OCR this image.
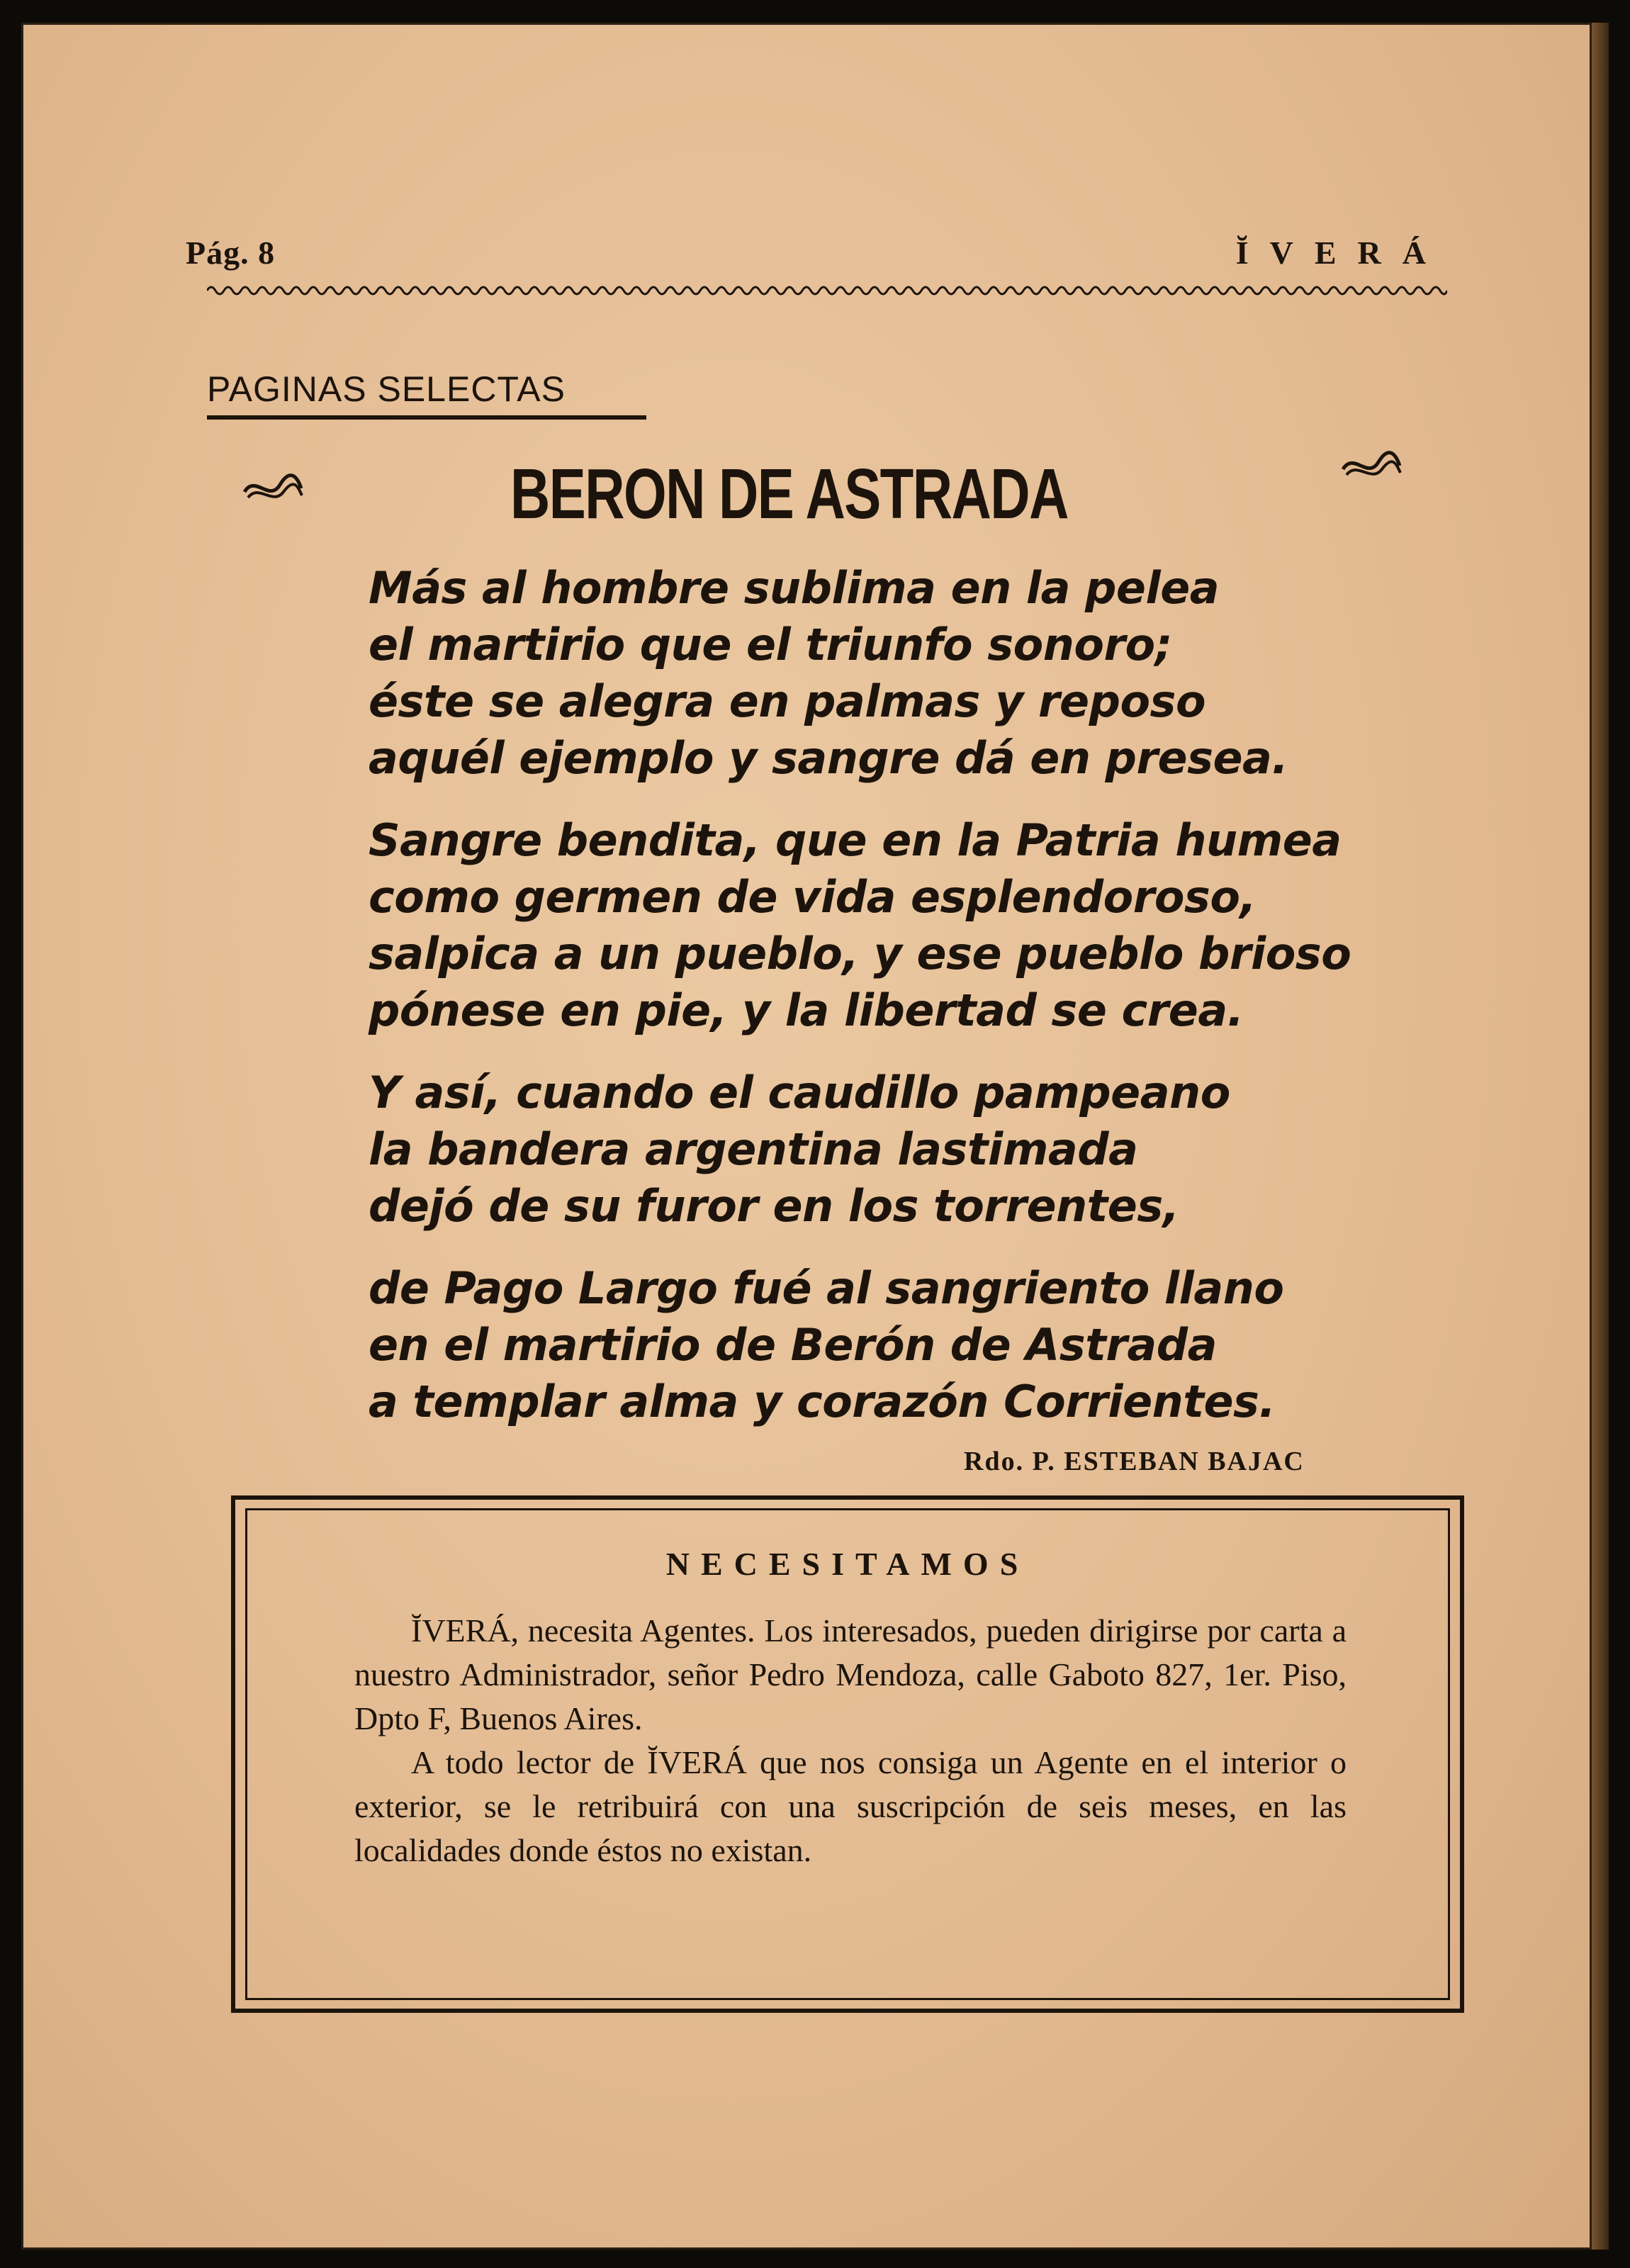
Pág. 8	ĬVERÁ
PAGINAS SELECTAS
BERON DE ASTRADA
Más al hombre sublima en la pelea
el martirio que el triunfo sonoro;
éste se alegra en palmas y reposo
aquél ejemplo y sangre dá en presea.
Sangre bendita, que en la Patria humea
como germen de vida esplendoroso,
salpica a un pueblo, y ese pueblo brioso
pónese en pie, y la libertad se crea.
Y así, cuando el caudillo pampeano
la bandera argentina lastimada
dejó de su furor en los torrentes,
de Pago Largo fué al sangriento llano
en el martirio de Berón de Astrada
a templar alma y corazón Corrientes.
Rdo. P. ESTEBAN BAJAC
NECESITAMOS

ĬVERÁ, necesita Agentes. Los interesados, pueden dirigirse por carta a nuestro Administrador, señor Pedro Mendoza, calle Gaboto 827, 1er. Piso, Dpto F, Buenos Aires.

A todo lector de ĬVERÁ que nos consiga un Agente en el interior o exterior, se le retribuirá con una suscripción de seis meses, en las localidades donde éstos no existan.
